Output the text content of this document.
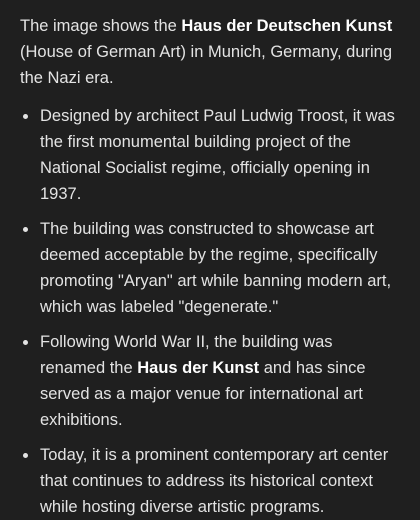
The image shows the Haus der Deutschen Kunst (House of German Art) in Munich, Germany, during the Nazi era.

Designed by architect Paul Ludwig Troost, it was the first monumental building project of the National Socialist regime, officially opening in 1937.
The building was constructed to showcase art deemed acceptable by the regime, specifically promoting "Aryan" art while banning modern art, which was labeled "degenerate."
Following World War II, the building was renamed the Haus der Kunst and has since served as a major venue for international art exhibitions.
Today, it is a prominent contemporary art center that continues to address its historical context while hosting diverse artistic programs.
